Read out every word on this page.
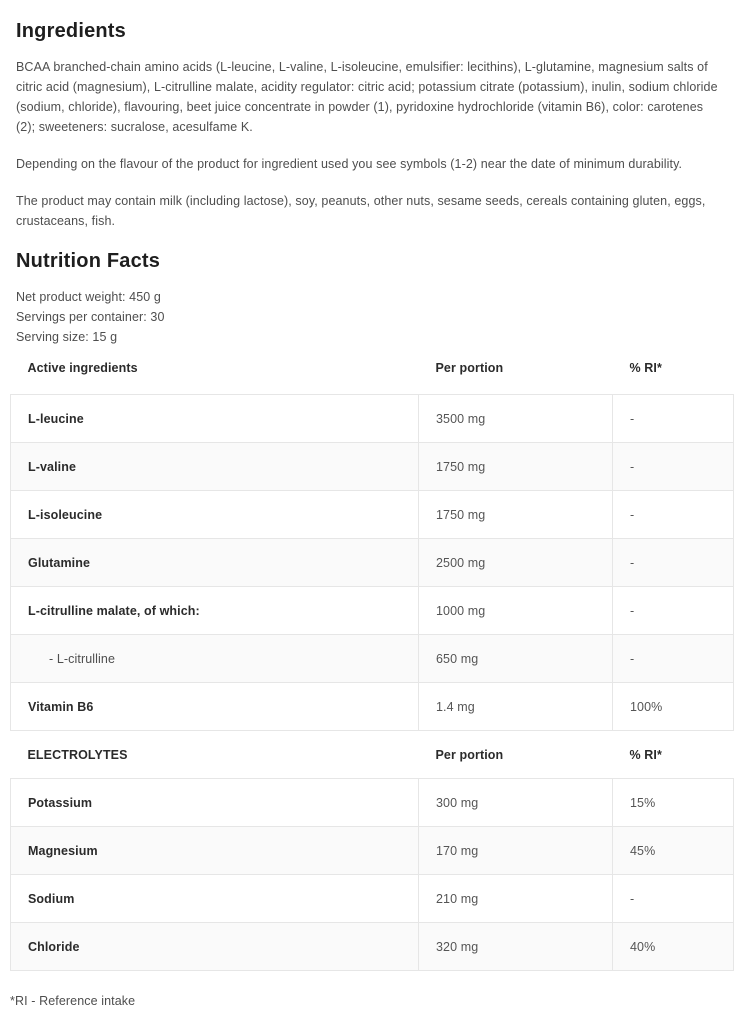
Ingredients

BCAA branched-chain amino acids (L-leucine, L-valine, L-isoleucine, emulsifier: lecithins), L-glutamine, magnesium salts of citric acid (magnesium), L-citrulline malate, acidity regulator: citric acid; potassium citrate (potassium), inulin, sodium chloride (sodium, chloride), flavouring, beet juice concentrate in powder (1), pyridoxine hydrochloride (vitamin B6), color: carotenes (2); sweeteners: sucralose, acesulfame K.

Depending on the flavour of the product for ingredient used you see symbols (1-2) near the date of minimum durability.

The product may contain milk (including lactose), soy, peanuts, other nuts, sesame seeds, cereals containing gluten, eggs, crustaceans, fish.

Nutrition Facts

Net product weight: 450 g

Servings per container: 30

Serving size: 15 g

Active ingredients	Per portion	% RI*
L-leucine	3500 mg	-
L-valine	1750 mg	-
L-isoleucine	1750 mg	-
Glutamine	2500 mg	-
L-citrulline malate, of which:	1000 mg	-
- L-citrulline	650 mg	-
Vitamin B6	1.4 mg	100%
ELECTROLYTES	Per portion	% RI*
Potassium	300 mg	15%
Magnesium	170 mg	45%
Sodium	210 mg	-
Chloride	320 mg	40%

*RI - Reference intake
